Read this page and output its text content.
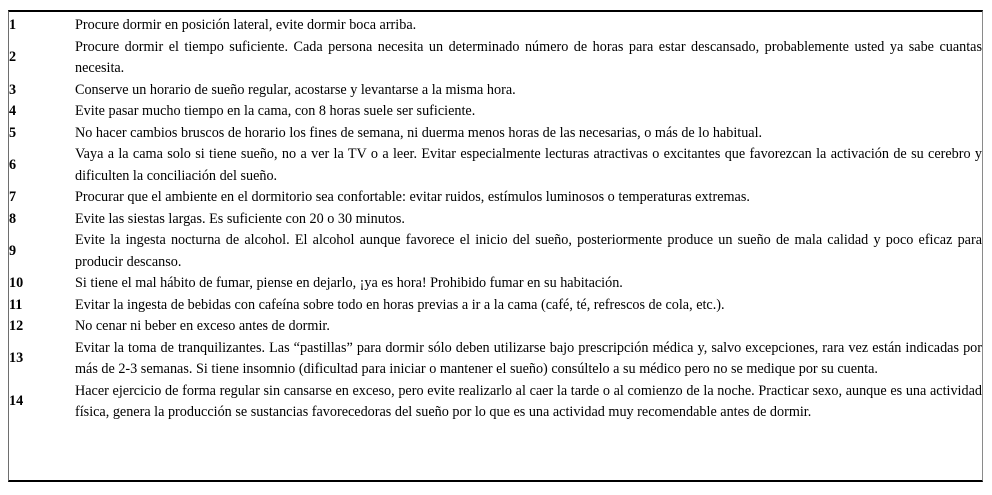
1	Procure dormir en posición lateral, evite dormir boca arriba.
2	Procure dormir el tiempo suficiente. Cada persona necesita un determinado número de horas para estar descansado, probablemente usted ya sabe cuantas necesita.
3	Conserve un horario de sueño regular, acostarse y levantarse a la misma hora.
4	Evite pasar mucho tiempo en la cama, con 8 horas suele ser suficiente.
5	No hacer cambios bruscos de horario los fines de semana, ni duerma menos horas de las necesarias, o más de lo habitual.
6	Vaya a la cama solo si tiene sueño, no a ver la TV o a leer. Evitar especialmente lecturas atractivas o excitantes que favorezcan la activación de su cerebro y dificulten la conciliación del sueño.
7	Procurar que el ambiente en el dormitorio sea confortable: evitar ruidos, estímulos luminosos o temperaturas extremas.
8	Evite las siestas largas. Es suficiente con 20 o 30 minutos.
9	Evite la ingesta nocturna de alcohol. El alcohol aunque favorece el inicio del sueño, posteriormente produce un sueño de mala calidad y poco eficaz para producir descanso.
10	Si tiene el mal hábito de fumar, piense en dejarlo, ¡ya es hora! Prohibido fumar en su habitación.
11	Evitar la ingesta de bebidas con cafeína sobre todo en horas previas a ir a la cama (café, té, refrescos de cola, etc.).
12	No cenar ni beber en exceso antes de dormir.
13	Evitar la toma de tranquilizantes. Las “pastillas” para dormir sólo deben utilizarse bajo prescripción médica y, salvo excepciones, rara vez están indicadas por más de 2-3 semanas. Si tiene insomnio (dificultad para iniciar o mantener el sueño) consúltelo a su médico pero no se medique por su cuenta.
14	Hacer ejercicio de forma regular sin cansarse en exceso, pero evite realizarlo al caer la tarde o al comienzo de la noche. Practicar sexo, aunque es una actividad física, genera la producción se sustancias favorecedoras del sueño por lo que es una actividad muy recomendable antes de dormir.
